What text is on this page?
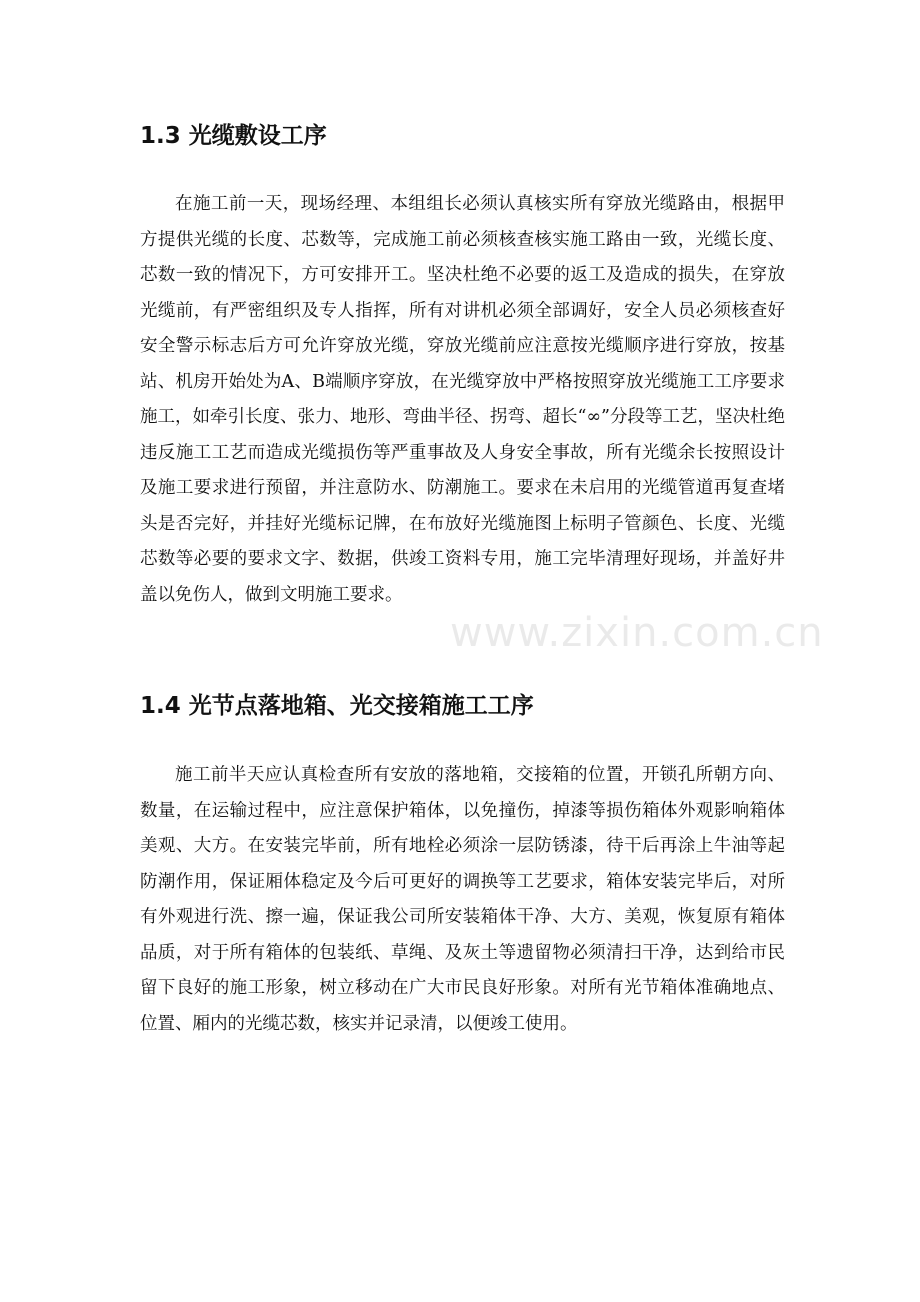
1.3 光缆敷设工序

在施工前一天，现场经理、本组组长必须认真核实所有穿放光缆路由，根据甲方提供光缆的长度、芯数等，完成施工前必须核查核实施工路由一致，光缆长度、芯数一致的情况下，方可安排开工。坚决杜绝不必要的返工及造成的损失，在穿放光缆前，有严密组织及专人指挥，所有对讲机必须全部调好，安全人员必须核查好安全警示标志后方可允许穿放光缆，穿放光缆前应注意按光缆顺序进行穿放，按基站、机房开始处为A、B端顺序穿放，在光缆穿放中严格按照穿放光缆施工工序要求施工，如牵引长度、张力、地形、弯曲半径、拐弯、超长“∞”分段等工艺，坚决杜绝违反施工工艺而造成光缆损伤等严重事故及人身安全事故，所有光缆余长按照设计及施工要求进行预留，并注意防水、防潮施工。要求在未启用的光缆管道再复查堵头是否完好，并挂好光缆标记牌，在布放好光缆施图上标明子管颜色、长度、光缆芯数等必要的要求文字、数据，供竣工资料专用，施工完毕清理好现场，并盖好井盖以免伤人，做到文明施工要求。

1.4 光节点落地箱、光交接箱施工工序

施工前半天应认真检查所有安放的落地箱，交接箱的位置，开锁孔所朝方向、数量，在运输过程中，应注意保护箱体，以免撞伤，掉漆等损伤箱体外观影响箱体美观、大方。在安装完毕前，所有地栓必须涂一层防锈漆，待干后再涂上牛油等起防潮作用，保证厢体稳定及今后可更好的调换等工艺要求，箱体安装完毕后，对所有外观进行洗、擦一遍，保证我公司所安装箱体干净、大方、美观，恢复原有箱体品质，对于所有箱体的包装纸、草绳、及灰土等遗留物必须清扫干净，达到给市民留下良好的施工形象，树立移动在广大市民良好形象。对所有光节箱体准确地点、位置、厢内的光缆芯数，核实并记录清，以便竣工使用。

www.zixin.com.cn
